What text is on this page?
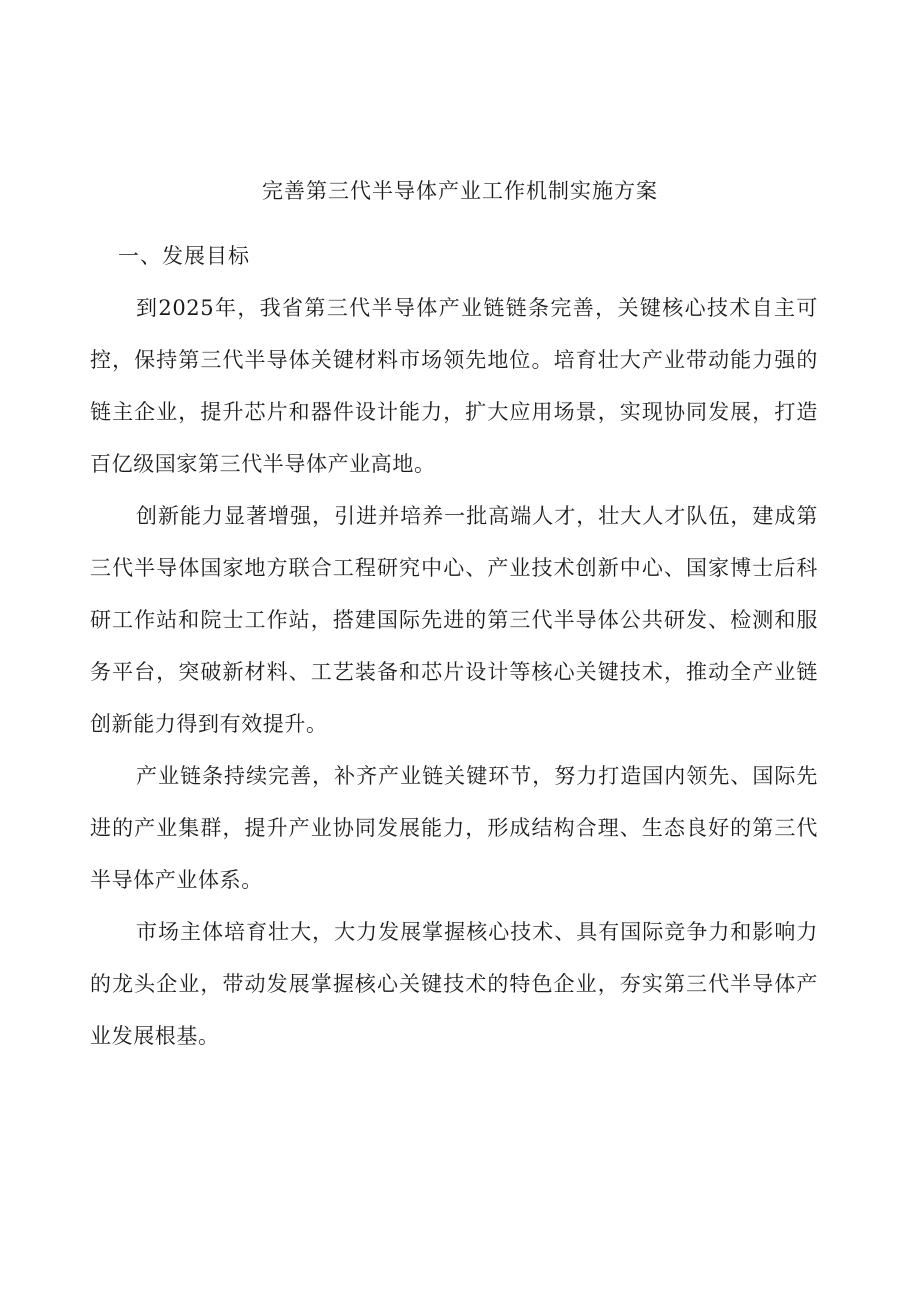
完善第三代半导体产业工作机制实施方案
一、发展目标

到2025年，我省第三代半导体产业链链条完善，关键核心技术自主可控，保持第三代半导体关键材料市场领先地位。培育壮大产业带动能力强的链主企业，提升芯片和器件设计能力，扩大应用场景，实现协同发展，打造百亿级国家第三代半导体产业高地。

创新能力显著增强，引进并培养一批高端人才，壮大人才队伍，建成第三代半导体国家地方联合工程研究中心、产业技术创新中心、国家博士后科研工作站和院士工作站，搭建国际先进的第三代半导体公共研发、检测和服务平台，突破新材料、工艺装备和芯片设计等核心关键技术，推动全产业链创新能力得到有效提升。

产业链条持续完善，补齐产业链关键环节，努力打造国内领先、国际先进的产业集群，提升产业协同发展能力，形成结构合理、生态良好的第三代半导体产业体系。

市场主体培育壮大，大力发展掌握核心技术、具有国际竞争力和影响力的龙头企业，带动发展掌握核心关键技术的特色企业，夯实第三代半导体产业发展根基。
